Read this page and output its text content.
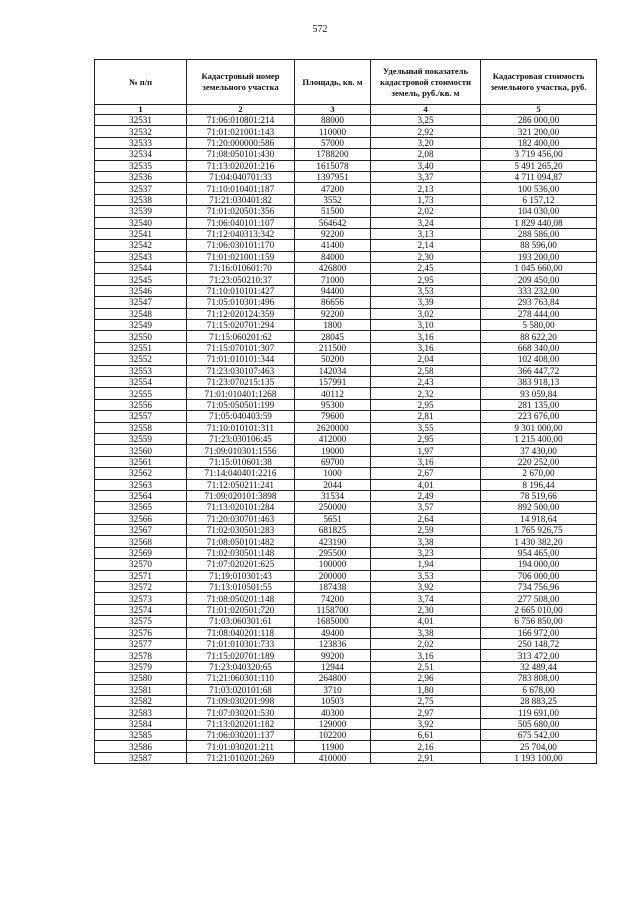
572
№ п/п	Кадастровый номер земельного участка	Площадь, кв. м	Удельный показатель кадастровой стоимости земель, руб./кв. м	Кадастровая стоимость земельного участка, руб.
1	2	3	4	5
32531	71:06:010801:214	88000	3,25	286 000,00
32532	71:01:021001:143	110000	2,92	321 200,00
32533	71:20:000000:586	57000	3,20	182 400,00
32534	71:08:050101:430	1788200	2,08	3 719 456,00
32535	71:13:020201:216	1615078	3,40	5 491 265,20
32536	71:04:040701:33	1397951	3,37	4 711 094,87
32537	71:10:010401:187	47200	2,13	100 536,00
32538	71:21:030401:82	3552	1,73	6 157,12
32539	71:01:020501:356	51500	2,02	104 030,00
32540	71:06:040101:107	564642	3,24	1 829 440,08
32541	71:12:040313:342	92200	3,13	288 586,00
32542	71:06:030101:170	41400	2,14	88 596,00
32543	71:01:021001:159	84000	2,30	193 200,00
32544	71:16:010601:70	426800	2,45	1 045 660,00
32545	71:23:050210:37	71000	2,95	209 450,00
32546	71:10:010101:427	94400	3,53	333 232,00
32547	71:05:010301:496	86656	3,39	293 763,84
32548	71:12:020124:359	92200	3,02	278 444,00
32549	71:15:020701:294	1800	3,10	5 580,00
32550	71:15:060201:62	28045	3,16	88 622,20
32551	71:15:070101:307	211500	3,16	668 340,00
32552	71:01:010101:344	50200	2,04	102 408,00
32553	71:23:030107:463	142034	2,58	366 447,72
32554	71:23:070215:135	157991	2,43	383 918,13
32555	71:01:010401:1268	40112	2,32	93 059,84
32556	71:05:050501:199	95300	2,95	281 135,00
32557	71:05:040403:59	79600	2,81	223 676,00
32558	71:10:010101:311	2620000	3,55	9 301 000,00
32559	71:23:030106:45	412000	2,95	1 215 400,00
32560	71:09:010301:1556	19000	1,97	37 430,00
32561	71:15:010601:38	69700	3,16	220 252,00
32562	71:14:040401:2216	1000	2,67	2 670,00
32563	71:12:050211:241	2044	4,01	8 196,44
32564	71:09:020101:3898	31534	2,49	78 519,66
32565	71:13:020101:284	250000	3,57	892 500,00
32566	71:20:030701:463	5651	2,64	14 918,64
32567	71:02:030501:283	681825	2,59	1 765 926,75
32568	71:08:050101:482	423190	3,38	1 430 382,20
32569	71:02:030501:148	295500	3,23	954 465,00
32570	71:07:020201:625	100000	1,94	194 000,00
32571	71:19:010301:43	200000	3,53	706 000,00
32572	71:13:010501:55	187438	3,92	734 756,96
32573	71:08:050201:148	74200	3,74	277 508,00
32574	71:01:020501:720	1158700	2,30	2 665 010,00
32575	71:03:060301:61	1685000	4,01	6 756 850,00
32576	71:08:040201:118	49400	3,38	166 972,00
32577	71:01:010301:733	123836	2,02	250 148,72
32578	71:15:020701:189	99200	3,16	313 472,00
32579	71:23:040320:65	12944	2,51	32 489,44
32580	71:21:060301:110	264800	2,96	783 808,00
32581	71:03:020101:68	3710	1,80	6 678,00
32582	71:09:030201:998	10503	2,75	28 883,25
32583	71:07:030201:530	40300	2,97	119 691,00
32584	71:13:020201:182	129000	3,92	505 680,00
32585	71:06:030201:137	102200	6,61	675 542,00
32586	71:01:030201:211	11900	2,16	25 704,00
32587	71:21:010201:269	410000	2,91	1 193 100,00
